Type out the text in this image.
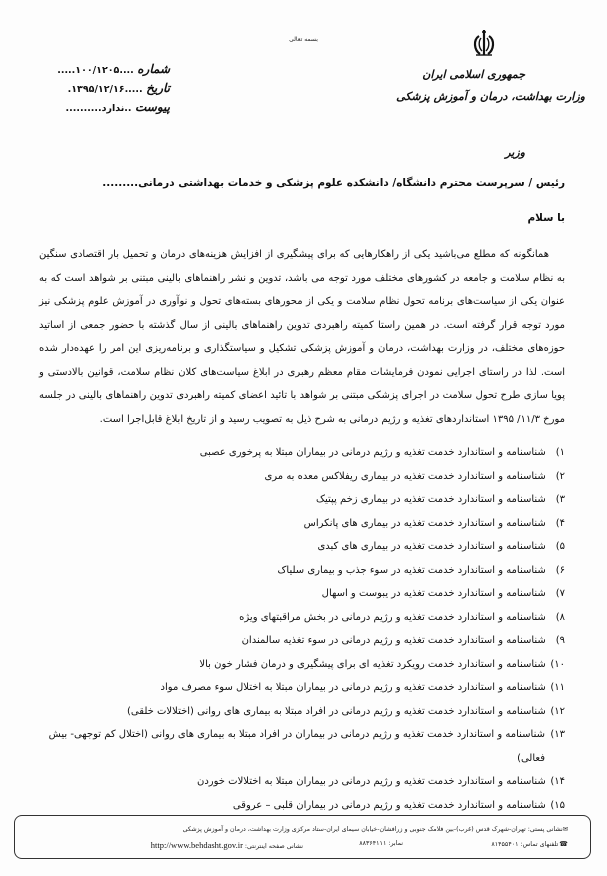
بسمه تعالی
جمهوری اسلامی ایران
وزارت بهداشت، درمان و آموزش پزشکی
وزیر
شماره ....۱۰۰/۱۲۰۵.....
تاریخ .....۱۳۹۵/۱۲/۱۶.
پیوست ..ندارد..........
رئیس / سرپرست محترم دانشگاه/ دانشکده علوم پزشکی و خدمات بهداشتی درمانی.........
با سلام

همانگونه که مطلع می‌باشید یکی از راهکارهایی که برای پیشگیری از افزایش هزینه‌های درمان و تحمیل بار اقتصادی سنگین به نظام سلامت و جامعه در کشورهای مختلف مورد توجه می باشد، تدوین و نشر راهنماهای بالینی مبتنی بر شواهد است که به عنوان یکی از سیاست‌های برنامه تحول نظام سلامت و یکی از محورهای بسته‌های تحول و نوآوری در آموزش علوم پزشکی نیز مورد توجه قرار گرفته است. در همین راستا کمیته راهبردی تدوین راهنماهای بالینی از سال گذشته با حضور جمعی از اساتید حوزه‌های مختلف، در وزارت بهداشت، درمان و آموزش پزشکی تشکیل و سیاستگذاری و برنامه‌ریزی این امر را عهده‌دار شده است. لذا در راستای اجرایی نمودن فرمایشات مقام معظم رهبری در ابلاغ سیاست‌های کلان نظام سلامت، قوانین بالادستی و پویا سازی طرح تحول سلامت در اجرای پزشکی مبتنی بر شواهد با تائید اعضای کمیته راهبردی تدوین راهنماهای بالینی در جلسه مورخ ۱۱/۳/ ۱۳۹۵ استانداردهای تغذیه و رژیم درمانی به شرح ذیل به تصویب رسید و از تاریخ ابلاغ قابل‌اجرا است.

۱) شناسنامه و استاندارد خدمت تغذیه و رژیم درمانی در بیماران مبتلا به پرخوری عصبی
۲) شناسنامه و استاندارد خدمت تغذیه در بیماری ریفلاکس معده به مری
۳) شناسنامه و استاندارد خدمت تغذیه در بیماری زخم پپتیک
۴) شناسنامه و استاندارد خدمت تغذیه در بیماری های پانکراس
۵) شناسنامه و استاندارد خدمت تغذیه در بیماری های کبدی
۶) شناسنامه و استاندارد خدمت تغذیه در سوء جذب و بیماری سلیاک
۷) شناسنامه و استاندارد خدمت تغذیه در یبوست و اسهال
۸) شناسنامه و استاندارد خدمت تغذیه و رژیم درمانی در بخش مراقبتهای ویژه
۹) شناسنامه و استاندارد خدمت تغذیه و رژیم درمانی در سوء تغذیه سالمندان
۱۰) شناسنامه و استاندارد خدمت رویکرد تغذیه ای برای پیشگیری و درمان فشار خون بالا
۱۱) شناسنامه و استاندارد خدمت تغذیه و رژیم درمانی در بیماران مبتلا به اختلال سوء مصرف مواد
۱۲) شناسنامه و استاندارد خدمت تغذیه و رژیم درمانی در افراد مبتلا به بیماری های روانی (اختلالات خلقی)
۱۳)
شناسنامه و استاندارد خدمت تغذیه و رژیم درمانی در بیماران در افراد مبتلا به بیماری های روانی (اختلال کم توجهی- بیش فعالی)
۱۴) شناسنامه و استاندارد خدمت تغذیه و رژیم درمانی در بیماران مبتلا به اختلالات خوردن
۱۵) شناسنامه و استاندارد خدمت تغذیه و رژیم درمانی در بیماران قلبی – عروقی
✉نشانی پستی: تهران-شهرک قدس (غرب)-بین فلامک جنوبی و زرافشان-خیابان سیمای ایران-ستاد مرکزی وزارت بهداشت، درمان و آموزش پزشکی
☎تلفنهای تماس: ۸۱۴۵۵۴۰۱
نمابر: ۸۸۳۶۴۱۱۱
نشانی صفحه اینترنتی: http://www.behdasht.gov.ir
